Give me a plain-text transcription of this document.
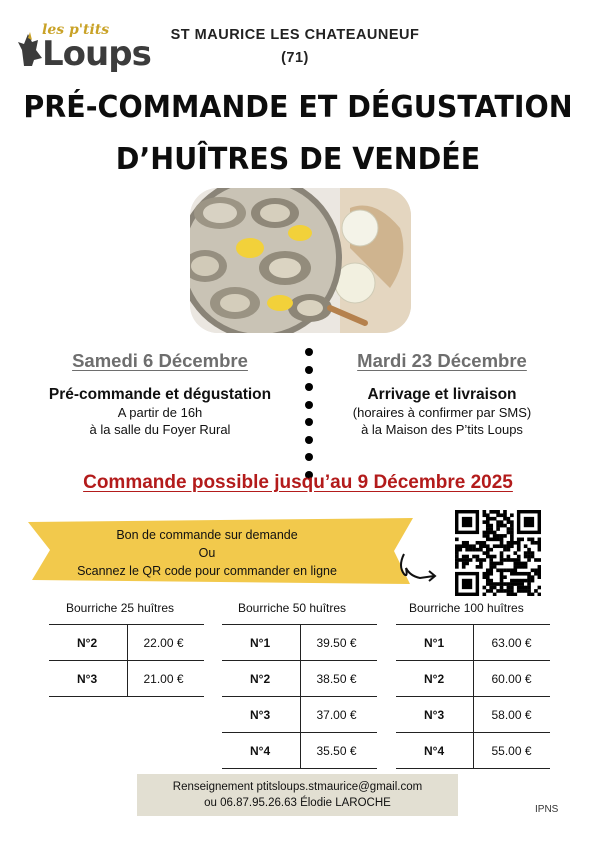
les p'tits
Loups	ST MAURICE LES CHATEAUNEUF
(71)
PRÉ-COMMANDE ET DÉGUSTATION
D’HUÎTRES DE VENDÉE
Samedi 6 Décembre
Pré-commande et dégustation
A partir de 16h
à la salle du Foyer Rural
Mardi 23 Décembre
Arrivage et livraison
(horaires à confirmer par SMS)
à la Maison des P’tits Loups
Commande possible jusqu’au 9 Décembre 2025
Bon de commande sur demande
Ou
Scannez le QR code pour commander en ligne
Bourriche 25 huîtres
N°2	22.00 €
N°3	21.00 €
Bourriche 50 huîtres
N°1	39.50 €
N°2	38.50 €
N°3	37.00 €
N°4	35.50 €
Bourriche 100 huîtres
N°1	63.00 €
N°2	60.00 €
N°3	58.00 €
N°4	55.00 €
Renseignement ptitsloups.stmaurice@gmail.com
ou 06.87.95.26.63 Élodie LAROCHE
IPNS
